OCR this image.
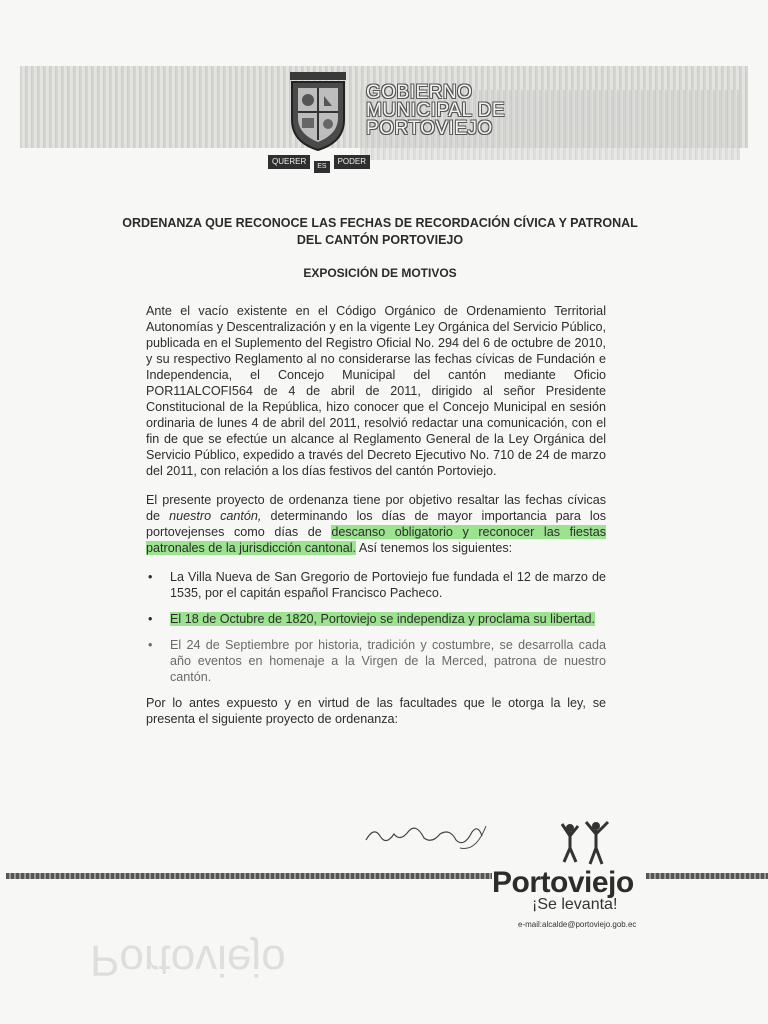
GOBIERNO
MUNICIPAL DE
PORTOVIEJO
QUERER
ES
PODER
ORDENANZA QUE RECONOCE LAS FECHAS DE RECORDACIÓN CÍVICA Y PATRONAL DEL CANTÓN PORTOVIEJO
EXPOSICIÓN DE MOTIVOS

Ante el vacío existente en el Código Orgánico de Ordenamiento Territorial Autonomías y Descentralización y en la vigente Ley Orgánica del Servicio Público, publicada en el Suplemento del Registro Oficial No. 294 del 6 de octubre de 2010, y su respectivo Reglamento al no considerarse las fechas cívicas de Fundación e Independencia, el Concejo Municipal del cantón mediante Oficio POR11ALCOFI564 de 4 de abril de 2011, dirigido al señor Presidente Constitucional de la República, hizo conocer que el Concejo Municipal en sesión ordinaria de lunes 4 de abril del 2011, resolvió redactar una comunicación, con el fin de que se efectúe un alcance al Reglamento General de la Ley Orgánica del Servicio Público, expedido a través del Decreto Ejecutivo No. 710 de 24 de marzo del 2011, con relación a los días festivos del cantón Portoviejo.

El presente proyecto de ordenanza tiene por objetivo resaltar las fechas cívicas de nuestro cantón, determinando los días de mayor importancia para los portovejenses como días de descanso obligatorio y reconocer las fiestas patronales de la jurisdicción cantonal. Así tenemos los siguientes:

• La Villa Nueva de San Gregorio de Portoviejo fue fundada el 12 de marzo de 1535, por el capitán español Francisco Pacheco.
• El 18 de Octubre de 1820, Portoviejo se independiza y proclama su libertad.
• El 24 de Septiembre por historia, tradición y costumbre, se desarrolla cada año eventos en homenaje a la Virgen de la Merced, patrona de nuestro cantón.

Por lo antes expuesto y en virtud de las facultades que le otorga la ley, se presenta el siguiente proyecto de ordenanza:

Portoviejo
¡Se levanta!
e-mail:alcalde@portoviejo.gob.ec
Portoviejo
